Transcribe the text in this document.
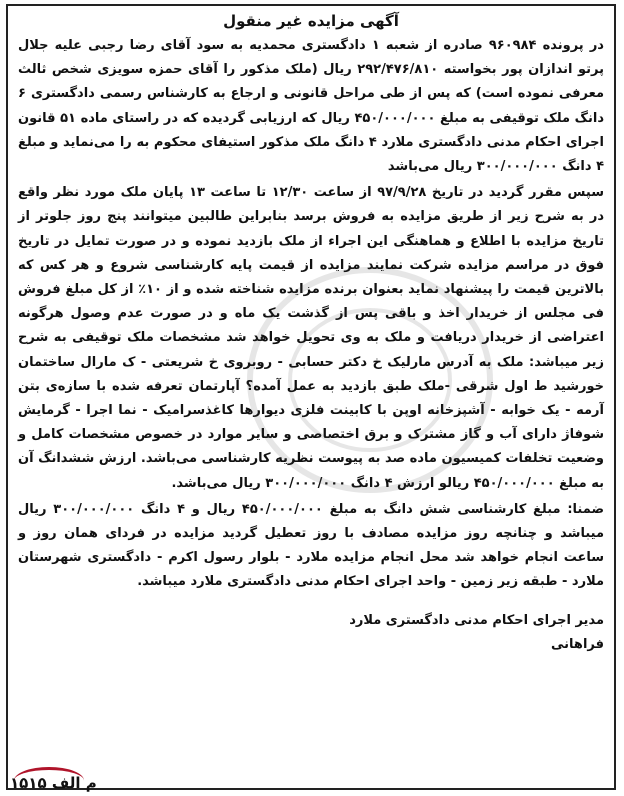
آگهی مزایده غیر منقول

در پرونده ۹۶۰۹۸۴ صادره از شعبه ۱ دادگستری محمدیه به سود آقای رضا رجبی علیه جلال پرتو اندازان پور بخواسته ۲۹۲/۴۷۶/۸۱۰ ریال (ملک مذکور را آقای حمزه سویزی شخص ثالث معرفی نموده است) که پس از طی مراحل قانونی و ارجاع به کارشناس رسمی دادگستری ۶ دانگ ملک توقیفی به مبلغ ۴۵۰/۰۰۰/۰۰۰ ریال که ارزیابی گردیده که در راستای ماده ۵۱ قانون اجرای احکام مدنی دادگستری ملارد ۴ دانگ ملک مذکور استیفای محکوم به را می‌نماید و مبلغ ۴ دانگ ۳۰۰/۰۰۰/۰۰۰ ریال می‌باشد

سپس مقرر گردید در تاریخ ۹۷/۹/۲۸ از ساعت ۱۲/۳۰ تا ساعت ۱۳ پایان ملک مورد نظر واقع در به شرح زیر از طریق مزایده به فروش برسد بنابراین طالبین میتوانند پنج روز جلوتر از تاریخ مزایده با اطلاع و هماهنگی این اجراء از ملک بازدید نموده و در صورت تمایل در تاریخ فوق در مراسم مزایده شرکت نمایند مزایده از قیمت پایه کارشناسی شروع و هر کس که بالاترین قیمت را پیشنهاد نماید بعنوان برنده مزایده شناخته شده و از ۱۰٪ از کل مبلغ فروش فی مجلس از خریدار اخذ و باقی پس از گذشت یک ماه و در صورت عدم وصول هرگونه اعتراضی از خریدار دریافت و ملک به وی تحویل خواهد شد مشخصات ملک توقیفی به شرح زیر میباشد: ملک به آدرس مارلیک خ دکتر حسابی - روبروی خ شریعتی - ک مارال ساختمان خورشید ط اول شرقی -ملک طبق بازدید به عمل آمده؟ آپارتمان تعرفه شده با سازه‌ی بتن آرمه - یک خوابه - آشپزخانه اوپن با کابینت فلزی دیوارها کاغذسرامیک - نما اجرا - گرمایش شوفاژ دارای آب و گاز مشترک و برق اختصاصی و سایر موارد در خصوص مشخصات کامل و وضعیت تخلفات کمیسیون ماده صد به پیوست نظریه کارشناسی می‌باشد. ارزش ششدانگ آن به مبلغ ۴۵۰/۰۰۰/۰۰۰ ریالو ارزش ۴ دانگ ۳۰۰/۰۰۰/۰۰۰ ریال می‌باشد.

ضمنا: مبلغ کارشناسی شش دانگ به مبلغ ۴۵۰/۰۰۰/۰۰۰ ریال و ۴ دانگ ۳۰۰/۰۰۰/۰۰۰ ریال میباشد و چنانچه روز مزایده مصادف با روز تعطیل گردید مزایده در فردای همان روز و ساعت انجام خواهد شد محل انجام مزایده ملارد - بلوار رسول اکرم - دادگستری شهرستان ملارد - طبقه زیر زمین - واحد اجرای احکام مدنی دادگستری ملارد میباشد.

مدیر اجرای احکام مدنی دادگستری ملارد
فراهانی
م الف ۱۵۱۵
